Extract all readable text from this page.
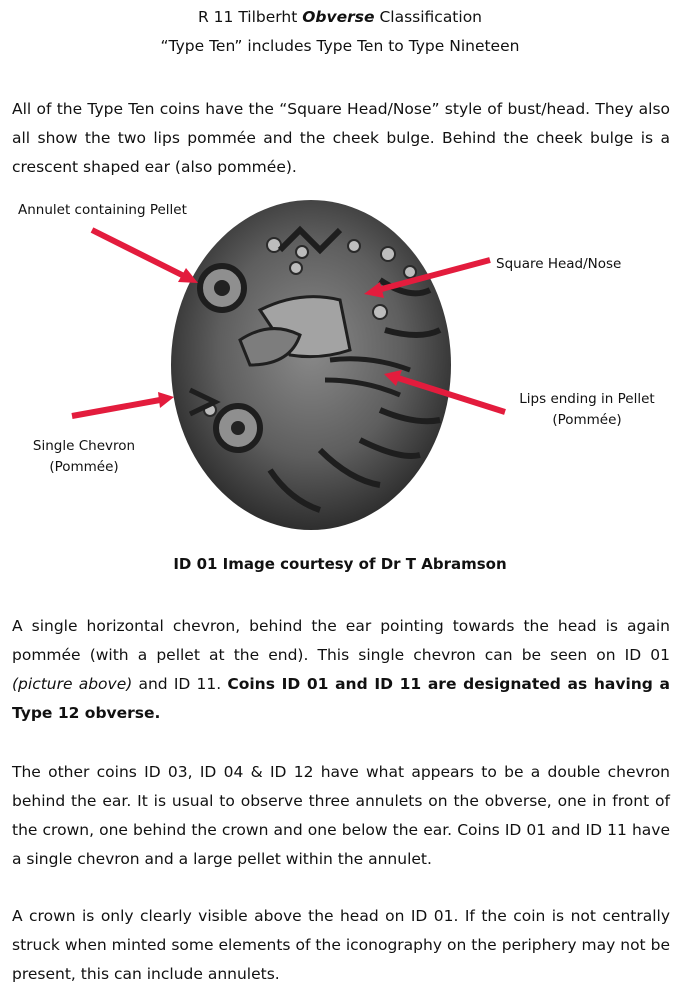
R 11 Tilberht Obverse Classification
“Type Ten” includes Type Ten to Type Nineteen
All of the Type Ten coins have the “Square Head/Nose” style of bust/head. They also all show the two lips pommée and the cheek bulge. Behind the cheek bulge is a crescent shaped ear (also pommée).
Annulet containing Pellet
Square Head/Nose
Lips ending in Pellet
(Pommée)
Single Chevron
(Pommée)
ID 01 Image courtesy of Dr T Abramson
A single horizontal chevron, behind the ear pointing towards the head is again pommée (with a pellet at the end). This single chevron can be seen on ID 01 (picture above) and ID 11. Coins ID 01 and ID 11 are designated as having a Type 12 obverse.
The other coins ID 03, ID 04 & ID 12 have what appears to be a double chevron behind the ear. It is usual to observe three annulets on the obverse, one in front of the crown, one behind the crown and one below the ear. Coins ID 01 and ID 11 have a single chevron and a large pellet within the annulet.
A crown is only clearly visible above the head on ID 01. If the coin is not centrally struck when minted some elements of the iconography on the periphery may not be present, this can include annulets.
